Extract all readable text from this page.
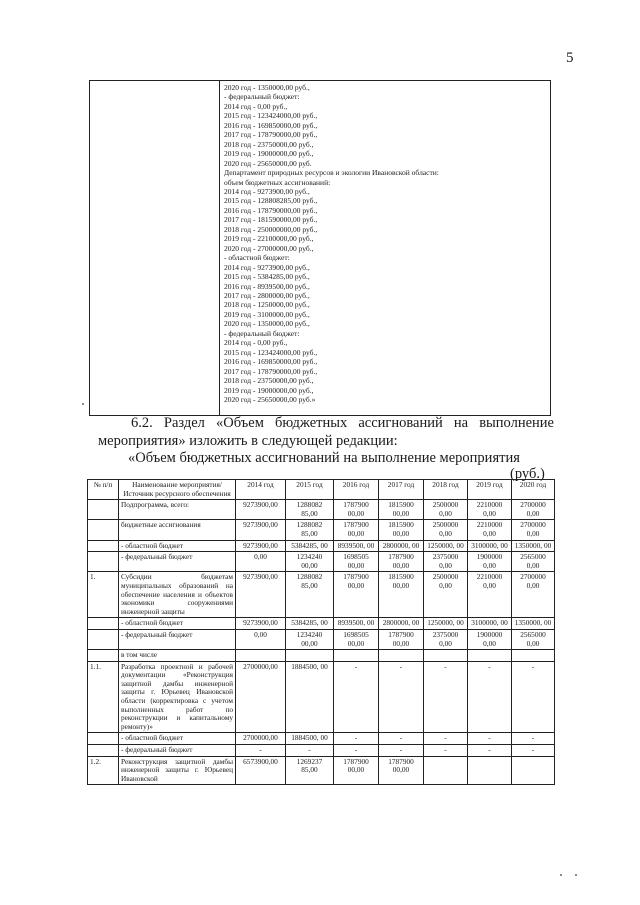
5
2020 год - 1350000,00 руб.,
- федеральный бюджет:
2014 год - 0,00 руб.,
2015 год - 123424000,00 руб.,
2016 год - 169850000,00 руб.,
2017 год - 178790000,00 руб.,
2018 год - 23750000,00 руб.,
2019 год - 19000000,00 руб.,
2020 год - 25650000,00 руб.
Департамент природных ресурсов и экологии Ивановской области:
объем бюджетных ассигнований:
2014 год - 9273900,00 руб.,
2015 год - 128808285,00 руб.,
2016 год - 178790000,00 руб.,
2017 год - 181590000,00 руб.,
2018 год - 250000000,00 руб.,
2019 год - 22100000,00 руб.,
2020 год - 27000000,00 руб.,
- областной бюджет:
2014 год - 9273900,00 руб.,
2015 год - 5384285,00 руб.,
2016 год - 8939500,00 руб.,
2017 год - 2800000,00 руб.,
2018 год - 1250000,00 руб.,
2019 год - 3100000,00 руб.,
2020 год - 1350000,00 руб.,
- федеральный бюджет:
2014 год - 0,00 руб.,
2015 год - 123424000,00 руб.,
2016 год - 169850000,00 руб.,
2017 год - 178790000,00 руб.,
2018 год - 23750000,00 руб.,
2019 год - 19000000,00 руб.,
2020 год - 25650000,00 руб.»
6.2. Раздел «Объем бюджетных ассигнований на выполнение
мероприятия» изложить в следующей редакции:
«Объем бюджетных ассигнований на выполнение мероприятия
(руб.)
№ п/п	Наименование мероприятия/Источник ресурсного обеспечения	2014 год	2015 год	2016 год	2017 год	2018 год	2019 год	2020 год
	Подпрограмма, всего:	9273900,00	1288082 85,00	1787900 00,00	1815900 00,00	2500000 0,00	2210000 0,00	2700000 0,00
	бюджетные ассигнования	9273900,00	1288082 85,00	1787900 00,00	1815900 00,00	2500000 0,00	2210000 0,00	2700000 0,00
	- областной бюджет	9273900,00	5384285, 00	8939500, 00	2800000, 00	1250000, 00	3100000, 00	1350000, 00
	- федеральный бюджет	0,00	1234240 00,00	1698505 00,00	1787900 00,00	2375000 0,00	1900000 0,00	2565000 0,00
1.	Субсидии бюджетам муниципальных образований на обеспечение населения и объектов экономики сооружениями инженерной защиты	9273900,00	1288082 85,00	1787900 00,00	1815900 00,00	2500000 0,00	2210000 0,00	2700000 0,00
	- областной бюджет	9273900,00	5384285, 00	8939500, 00	2800000, 00	1250000, 00	3100000, 00	1350000, 00
	- федеральный бюджет	0,00	1234240 00,00	1698505 00,00	1787900 00,00	2375000 0,00	1900000 0,00	2565000 0,00
	в том числе							
1.1.	Разработка проектной и рабочей документации «Реконструкция защитной дамбы инженерной защиты г. Юрьевец Ивановской области (корректировка с учетом выполненных работ по реконструкции и капитальному ремонту)»	2700000,00	1884500, 00	-	-	-	-	-
	- областной бюджет	2700000,00	1884500, 00	-	-	-	-	-
	- федеральный бюджет	-	-	-	-	-	-	-
1.2.	Реконструкция защитной дамбы инженерной защиты г. Юрьевец Ивановской	6573900,00	1269237 85,00	1787900 00,00	1787900 00,00			
